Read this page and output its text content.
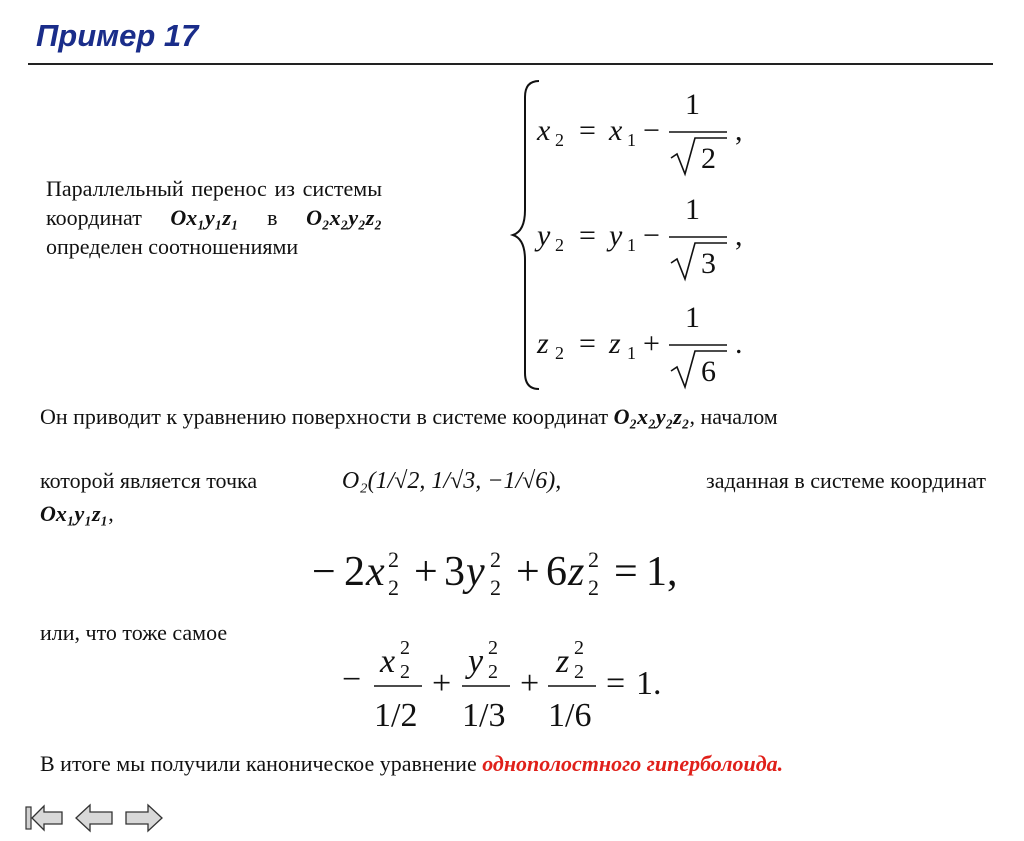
Пример 17
Параллельный перенос из системы координат Ox₁y₁z₁ в O₂x₂y₂z₂ определен соотношениями
x 2 = x 1 −
1
2
,
y 2 = y 1 −
1
3
,
z 2 = z 1 +
1
6
.
Он приводит к уравнению поверхности в системе координат O₂x₂y₂z₂, началом
которой является точка	O₂(1/√2, 1/√3, −1/√6),	заданная в системе координат
Ox₁y₁z₁,
− 2 x 2
2 + 3 y 2
2 + 6 z 2
2 = 1,
или, что тоже самое
− x 2
2
1/2
+
y 2
2
1/3
+
z 2
2
1/6
= 1.
В итоге мы получили каноническое уравнение однополостного гиперболоида.
